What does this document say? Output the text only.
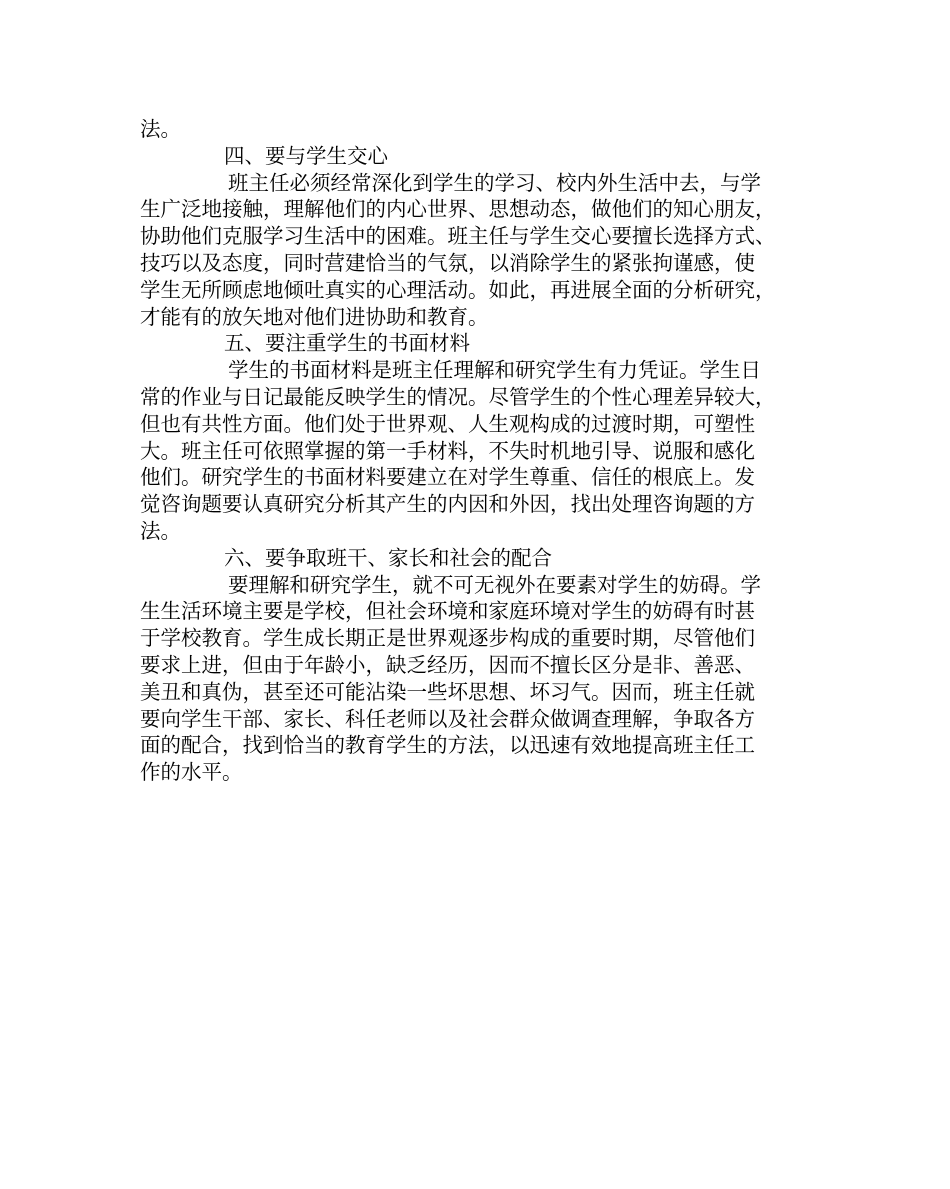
法。
四、要与学生交心
班主任必须经常深化到学生的学习、校内外生活中去，与学
生广泛地接触，理解他们的内心世界、思想动态，做他们的知心朋友，
协助他们克服学习生活中的困难。班主任与学生交心要擅长选择方式、
技巧以及态度，同时营建恰当的气氛，以消除学生的紧张拘谨感，使
学生无所顾虑地倾吐真实的心理活动。如此，再进展全面的分析研究，
才能有的放矢地对他们进协助和教育。
五、要注重学生的书面材料
学生的书面材料是班主任理解和研究学生有力凭证。学生日
常的作业与日记最能反映学生的情况。尽管学生的个性心理差异较大，
但也有共性方面。他们处于世界观、人生观构成的过渡时期，可塑性
大。班主任可依照掌握的第一手材料，不失时机地引导、说服和感化
他们。研究学生的书面材料要建立在对学生尊重、信任的根底上。发
觉咨询题要认真研究分析其产生的内因和外因，找出处理咨询题的方
法。
六、要争取班干、家长和社会的配合
要理解和研究学生，就不可无视外在要素对学生的妨碍。学
生生活环境主要是学校，但社会环境和家庭环境对学生的妨碍有时甚
于学校教育。学生成长期正是世界观逐步构成的重要时期，尽管他们
要求上进，但由于年龄小，缺乏经历，因而不擅长区分是非、善恶、
美丑和真伪，甚至还可能沾染一些坏思想、坏习气。因而，班主任就
要向学生干部、家长、科任老师以及社会群众做调查理解，争取各方
面的配合，找到恰当的教育学生的方法，以迅速有效地提高班主任工
作的水平。
